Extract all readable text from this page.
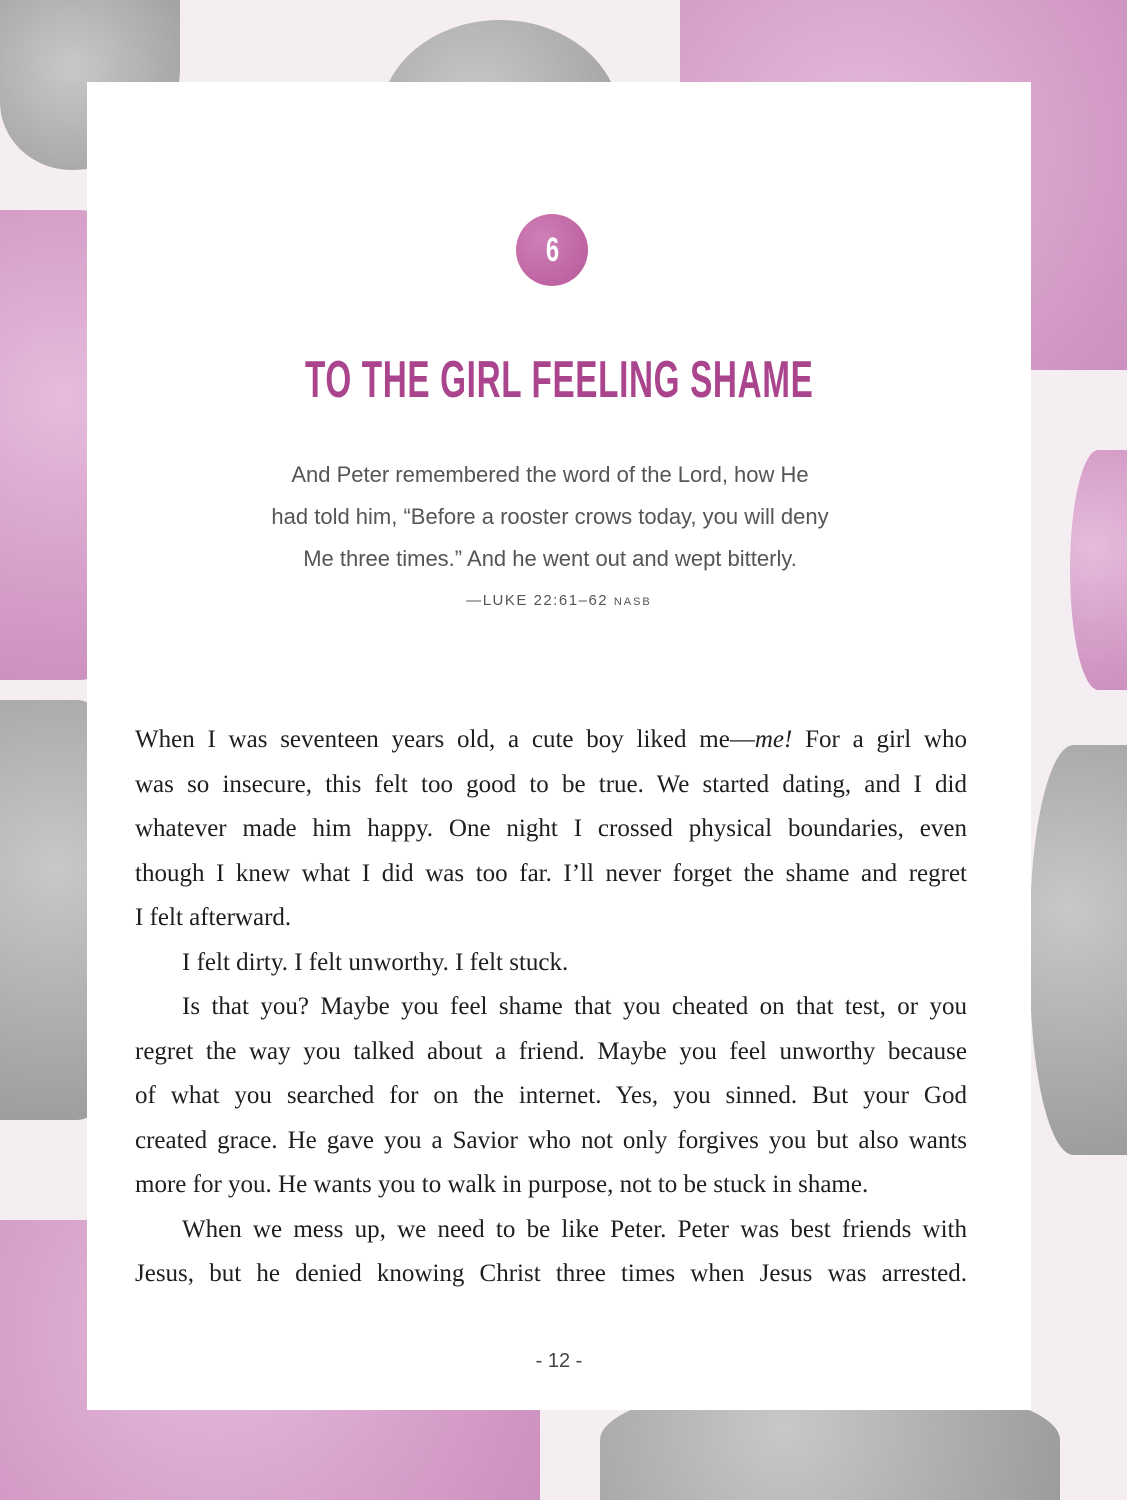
6
TO THE GIRL FEELING SHAME
And Peter remembered the word of the Lord, how He
had told him, “Before a rooster crows today, you will deny
Me three times.” And he went out and wept bitterly.
—LUKE 22:61–62 NASB
When I was seventeen years old, a cute boy liked me—me! For a girl who
was so insecure, this felt too good to be true. We started dating, and I did
whatever made him happy. One night I crossed physical boundaries, even
though I knew what I did was too far. I’ll never forget the shame and regret
I felt afterward.
I felt dirty. I felt unworthy. I felt stuck.
Is that you? Maybe you feel shame that you cheated on that test, or you
regret the way you talked about a friend. Maybe you feel unworthy because
of what you searched for on the internet. Yes, you sinned. But your God
created grace. He gave you a Savior who not only forgives you but also wants
more for you. He wants you to walk in purpose, not to be stuck in shame.
When we mess up, we need to be like Peter. Peter was best friends with
Jesus, but he denied knowing Christ three times when Jesus was arrested.
- 12 -
